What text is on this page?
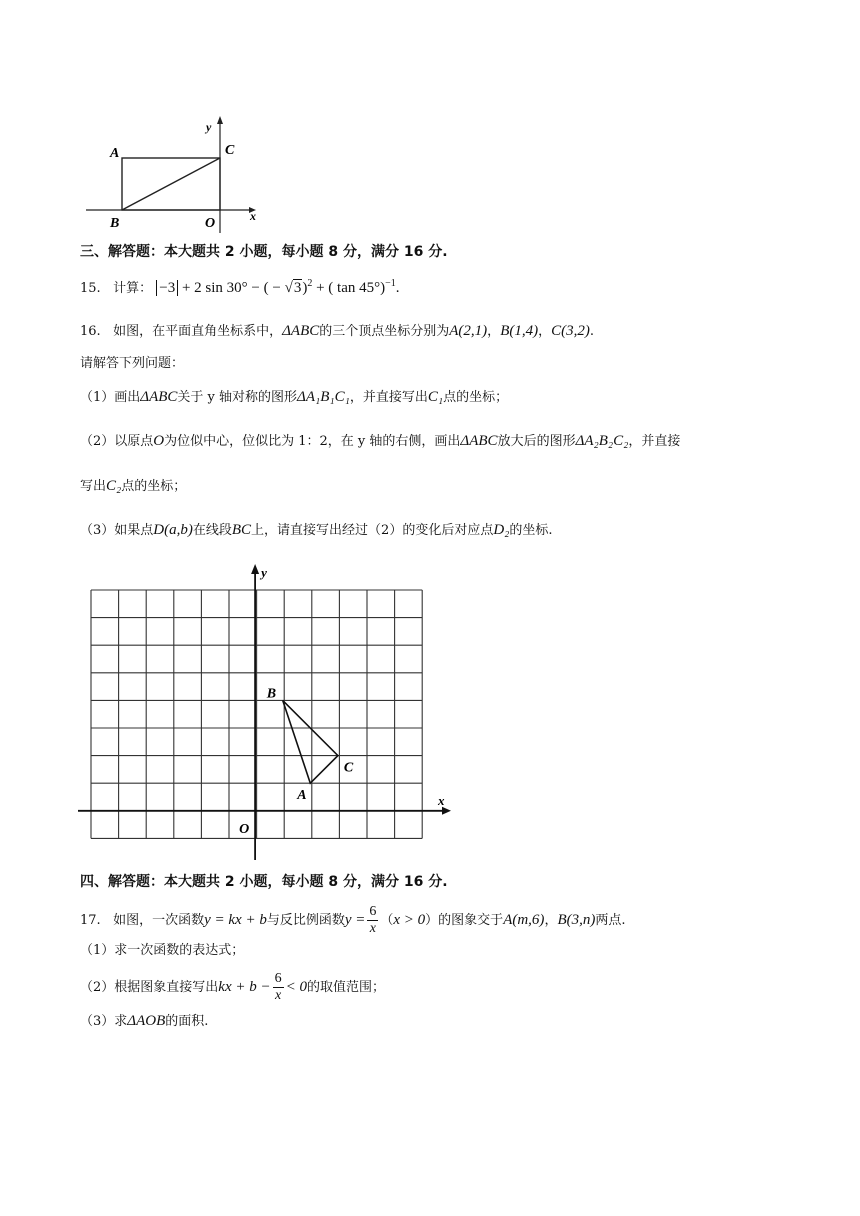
A
B
C
O	x
y
三、解答题：本大题共 2 小题，每小题 8 分，满分 16 分.
15. 计算： −3 + 2 sin 30° − ( − √3)$^2$ + ( tan 45°)$^{-1}$.
16. 如图，在平面直角坐标系中，ΔABC的三个顶点坐标分别为A(2,1)，B(1,4)，C(3,2).
请解答下列问题：
（1）画出ΔABC关于 y 轴对称的图形ΔA₁B₁C₁，并直接写出C₁点的坐标；
（2）以原点O为位似中心，位似比为 1：2，在 y 轴的右侧，画出ΔABC放大后的图形ΔA₂B₂C₂，并直接
写出C₂点的坐标；
（3）如果点D(a,b)在线段BC上，请直接写出经过（2）的变化后对应点D₂的坐标.
B
C
A
O
x
y
四、解答题：本大题共 2 小题，每小题 8 分，满分 16 分.
17. 如图，一次函数y = kx + b与反比例函数$y = \frac{6}{x} (x > 0)$的图象交于A(m,6)，B(3,n)两点.
（1）求一次函数的表达式；
（2）根据图象直接写出kx + $b - \frac{6}{x} < 0$的取值范围；
（3）求ΔAOB的面积.
